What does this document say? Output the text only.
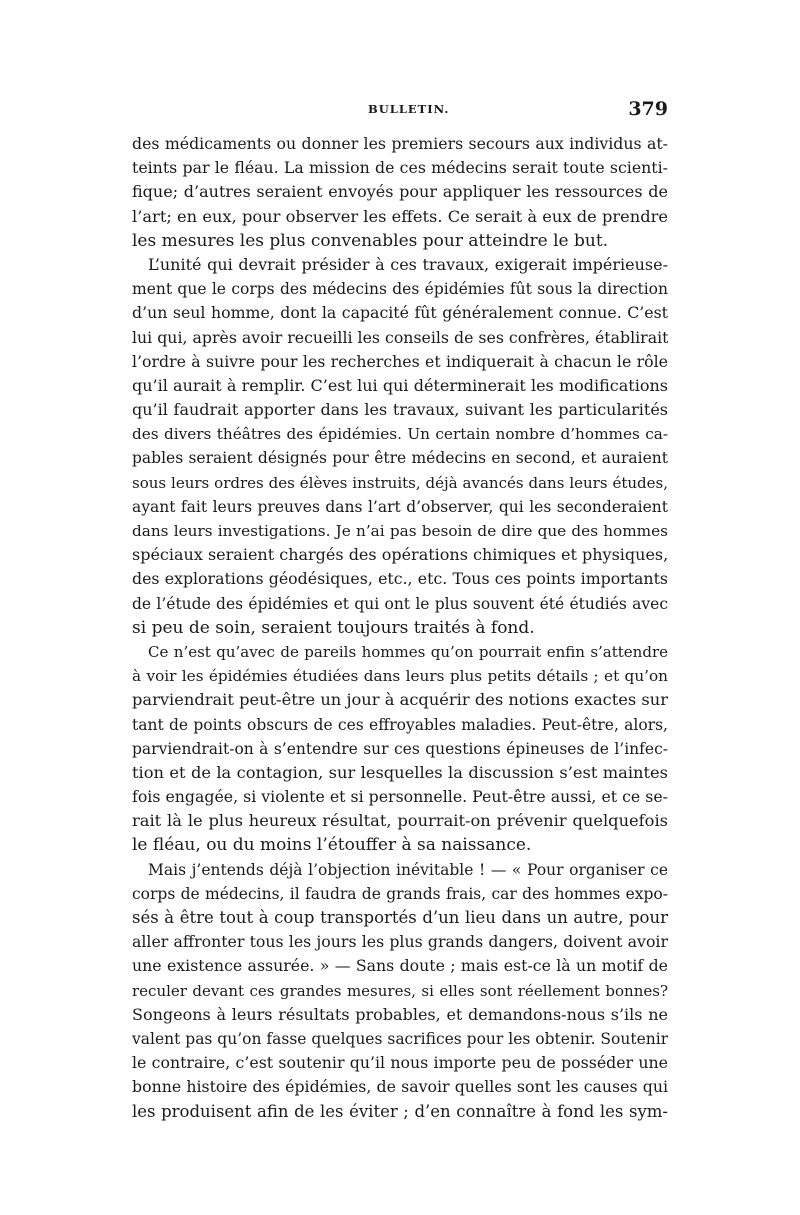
BULLETIN.	379
des médicaments ou donner les premiers secours aux individus at-
teints par le fléau. La mission de ces médecins serait toute scienti-
fique; d’autres seraient envoyés pour appliquer les ressources de
l’art; en eux, pour observer les effets. Ce serait à eux de prendre
les mesures les plus convenables pour atteindre le but.
L’unité qui devrait présider à ces travaux, exigerait impérieuse-
ment que le corps des médecins des épidémies fût sous la direction
d’un seul homme, dont la capacité fût généralement connue. C’est
lui qui, après avoir recueilli les conseils de ses confrères, établirait
l’ordre à suivre pour les recherches et indiquerait à chacun le rôle
qu’il aurait à remplir. C’est lui qui déterminerait les modifications
qu’il faudrait apporter dans les travaux, suivant les particularités
des divers théâtres des épidémies. Un certain nombre d’hommes ca-
pables seraient désignés pour être médecins en second, et auraient
sous leurs ordres des élèves instruits, déjà avancés dans leurs études,
ayant fait leurs preuves dans l’art d’observer, qui les seconderaient
dans leurs investigations. Je n’ai pas besoin de dire que des hommes
spéciaux seraient chargés des opérations chimiques et physiques,
des explorations géodésiques, etc., etc. Tous ces points importants
de l’étude des épidémies et qui ont le plus souvent été étudiés avec
si peu de soin, seraient toujours traités à fond.
Ce n’est qu’avec de pareils hommes qu’on pourrait enfin s’attendre
à voir les épidémies étudiées dans leurs plus petits détails ; et qu’on
parviendrait peut-être un jour à acquérir des notions exactes sur
tant de points obscurs de ces effroyables maladies. Peut-être, alors,
parviendrait-on à s’entendre sur ces questions épineuses de l’infec-
tion et de la contagion, sur lesquelles la discussion s’est maintes
fois engagée, si violente et si personnelle. Peut-être aussi, et ce se-
rait là le plus heureux résultat, pourrait-on prévenir quelquefois
le fléau, ou du moins l’étouffer à sa naissance.
Mais j’entends déjà l’objection inévitable ! — « Pour organiser ce
corps de médecins, il faudra de grands frais, car des hommes expo-
sés à être tout à coup transportés d’un lieu dans un autre, pour
aller affronter tous les jours les plus grands dangers, doivent avoir
une existence assurée. » — Sans doute ; mais est-ce là un motif de
reculer devant ces grandes mesures, si elles sont réellement bonnes?
Songeons à leurs résultats probables, et demandons-nous s’ils ne
valent pas qu’on fasse quelques sacrifices pour les obtenir. Soutenir
le contraire, c’est soutenir qu’il nous importe peu de posséder une
bonne histoire des épidémies, de savoir quelles sont les causes qui
les produisent afin de les éviter ; d’en connaître à fond les sym-
